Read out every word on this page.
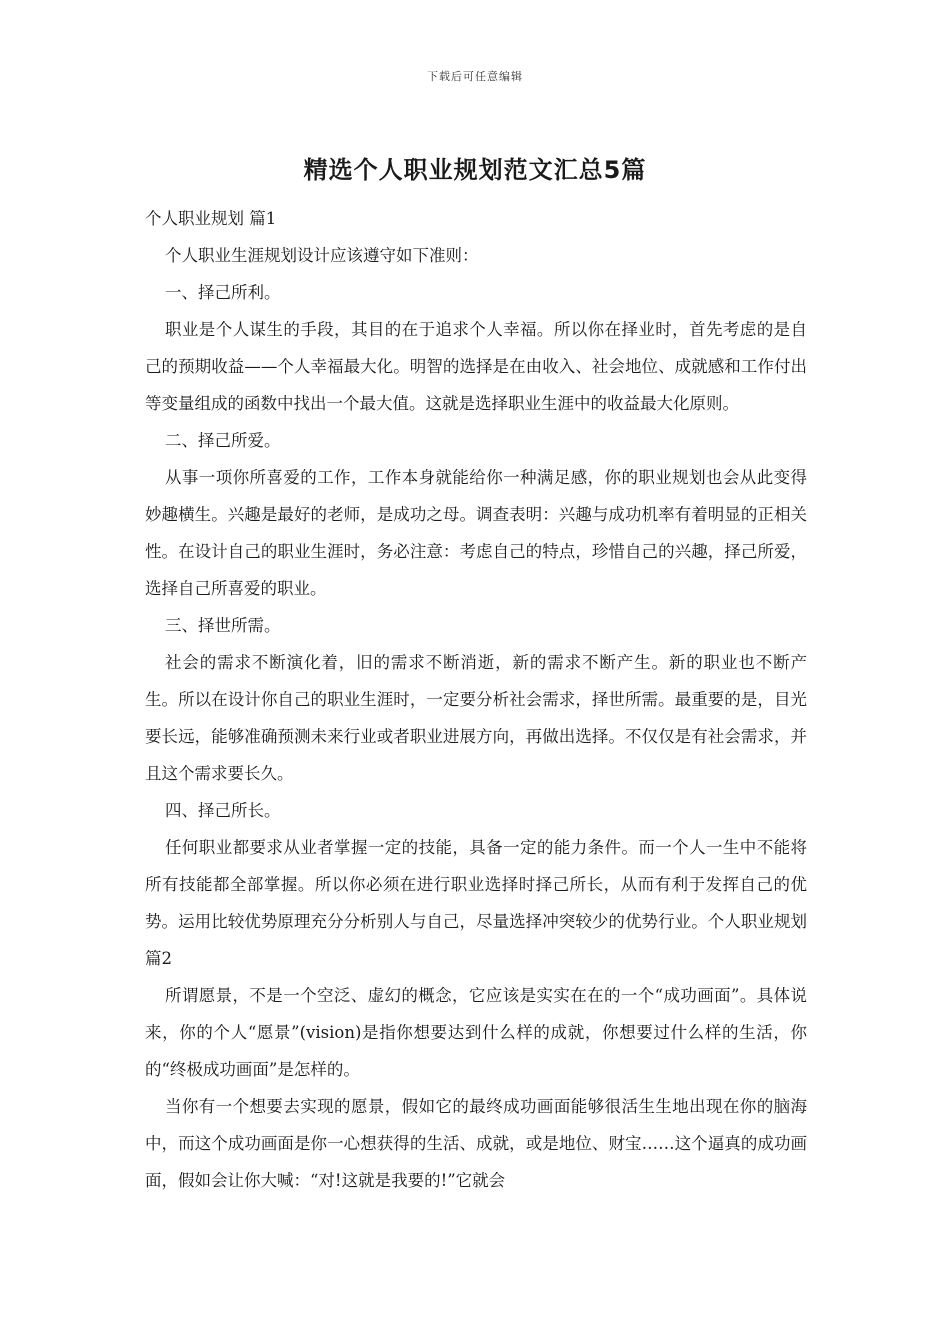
下载后可任意编辑
精选个人职业规划范文汇总5篇

个人职业规划 篇1

个人职业生涯规划设计应该遵守如下准则：

一、择己所利。

职业是个人谋生的手段，其目的在于追求个人幸福。所以你在择业时，首先考虑的是自己的预期收益——个人幸福最大化。明智的选择是在由收入、社会地位、成就感和工作付出等变量组成的函数中找出一个最大值。这就是选择职业生涯中的收益最大化原则。

二、择己所爱。

从事一项你所喜爱的工作，工作本身就能给你一种满足感，你的职业规划也会从此变得妙趣横生。兴趣是最好的老师，是成功之母。调查表明：兴趣与成功机率有着明显的正相关性。在设计自己的职业生涯时，务必注意：考虑自己的特点，珍惜自己的兴趣，择己所爱，选择自己所喜爱的职业。

三、择世所需。

社会的需求不断演化着，旧的需求不断消逝，新的需求不断产生。新的职业也不断产生。所以在设计你自己的职业生涯时，一定要分析社会需求，择世所需。最重要的是，目光要长远，能够准确预测未来行业或者职业进展方向，再做出选择。不仅仅是有社会需求，并且这个需求要长久。

四、择己所长。

任何职业都要求从业者掌握一定的技能，具备一定的能力条件。而一个人一生中不能将所有技能都全部掌握。所以你必须在进行职业选择时择己所长，从而有利于发挥自己的优势。运用比较优势原理充分分析别人与自己，尽量选择冲突较少的优势行业。个人职业规划 篇2

所谓愿景，不是一个空泛、虚幻的概念，它应该是实实在在的一个“成功画面”。具体说来，你的个人“愿景”(vision)是指你想要达到什么样的成就，你想要过什么样的生活，你的“终极成功画面”是怎样的。

当你有一个想要去实现的愿景，假如它的最终成功画面能够很活生生地出现在你的脑海中，而这个成功画面是你一心想获得的生活、成就，或是地位、财宝……这个逼真的成功画面，假如会让你大喊：“对!这就是我要的!”它就会
